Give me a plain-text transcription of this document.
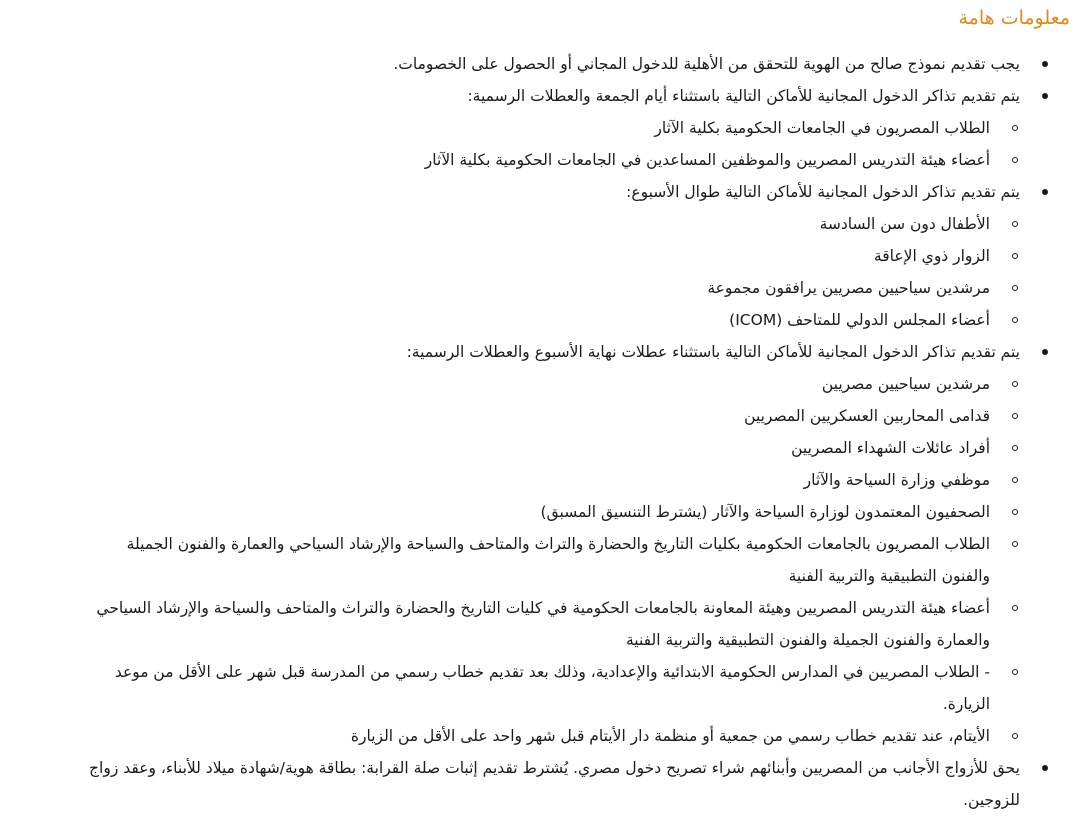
معلومات هامة
يجب تقديم نموذج صالح من الهوية للتحقق من الأهلية للدخول المجاني أو الحصول على الخصومات.
يتم تقديم تذاكر الدخول المجانية للأماكن التالية باستثناء أيام الجمعة والعطلات الرسمية:
الطلاب المصريون في الجامعات الحكومية بكلية الآثار
أعضاء هيئة التدريس المصريين والموظفين المساعدين في الجامعات الحكومية بكلية الآثار
يتم تقديم تذاكر الدخول المجانية للأماكن التالية طوال الأسبوع:
الأطفال دون سن السادسة
الزوار ذوي الإعاقة
مرشدين سياحيين مصريين يرافقون مجموعة
أعضاء المجلس الدولي للمتاحف (ICOM)
يتم تقديم تذاكر الدخول المجانية للأماكن التالية باستثناء عطلات نهاية الأسبوع والعطلات الرسمية:
مرشدين سياحيين مصريين
قدامى المحاربين العسكريين المصريين
أفراد عائلات الشهداء المصريين
موظفي وزارة السياحة والآثار
الصحفيون المعتمدون لوزارة السياحة والآثار (يشترط التنسيق المسبق)
الطلاب المصريون بالجامعات الحكومية بكليات التاريخ والحضارة والتراث والمتاحف والسياحة والإرشاد السياحي والعمارة والفنون الجميلة والفنون التطبيقية والتربية الفنية
أعضاء هيئة التدريس المصريين وهيئة المعاونة بالجامعات الحكومية في كليات التاريخ والحضارة والتراث والمتاحف والسياحة والإرشاد السياحي والعمارة والفنون الجميلة والفنون التطبيقية والتربية الفنية
- الطلاب المصريين في المدارس الحكومية الابتدائية والإعدادية، وذلك بعد تقديم خطاب رسمي من المدرسة قبل شهر على الأقل من موعد الزيارة.
الأيتام، عند تقديم خطاب رسمي من جمعية أو منظمة دار الأيتام قبل شهر واحد على الأقل من الزيارة
يحق للأزواج الأجانب من المصريين وأبنائهم شراء تصريح دخول مصري. يُشترط تقديم إثبات صلة القرابة: بطاقة هوية/شهادة ميلاد للأبناء، وعقد زواج للزوجين.
